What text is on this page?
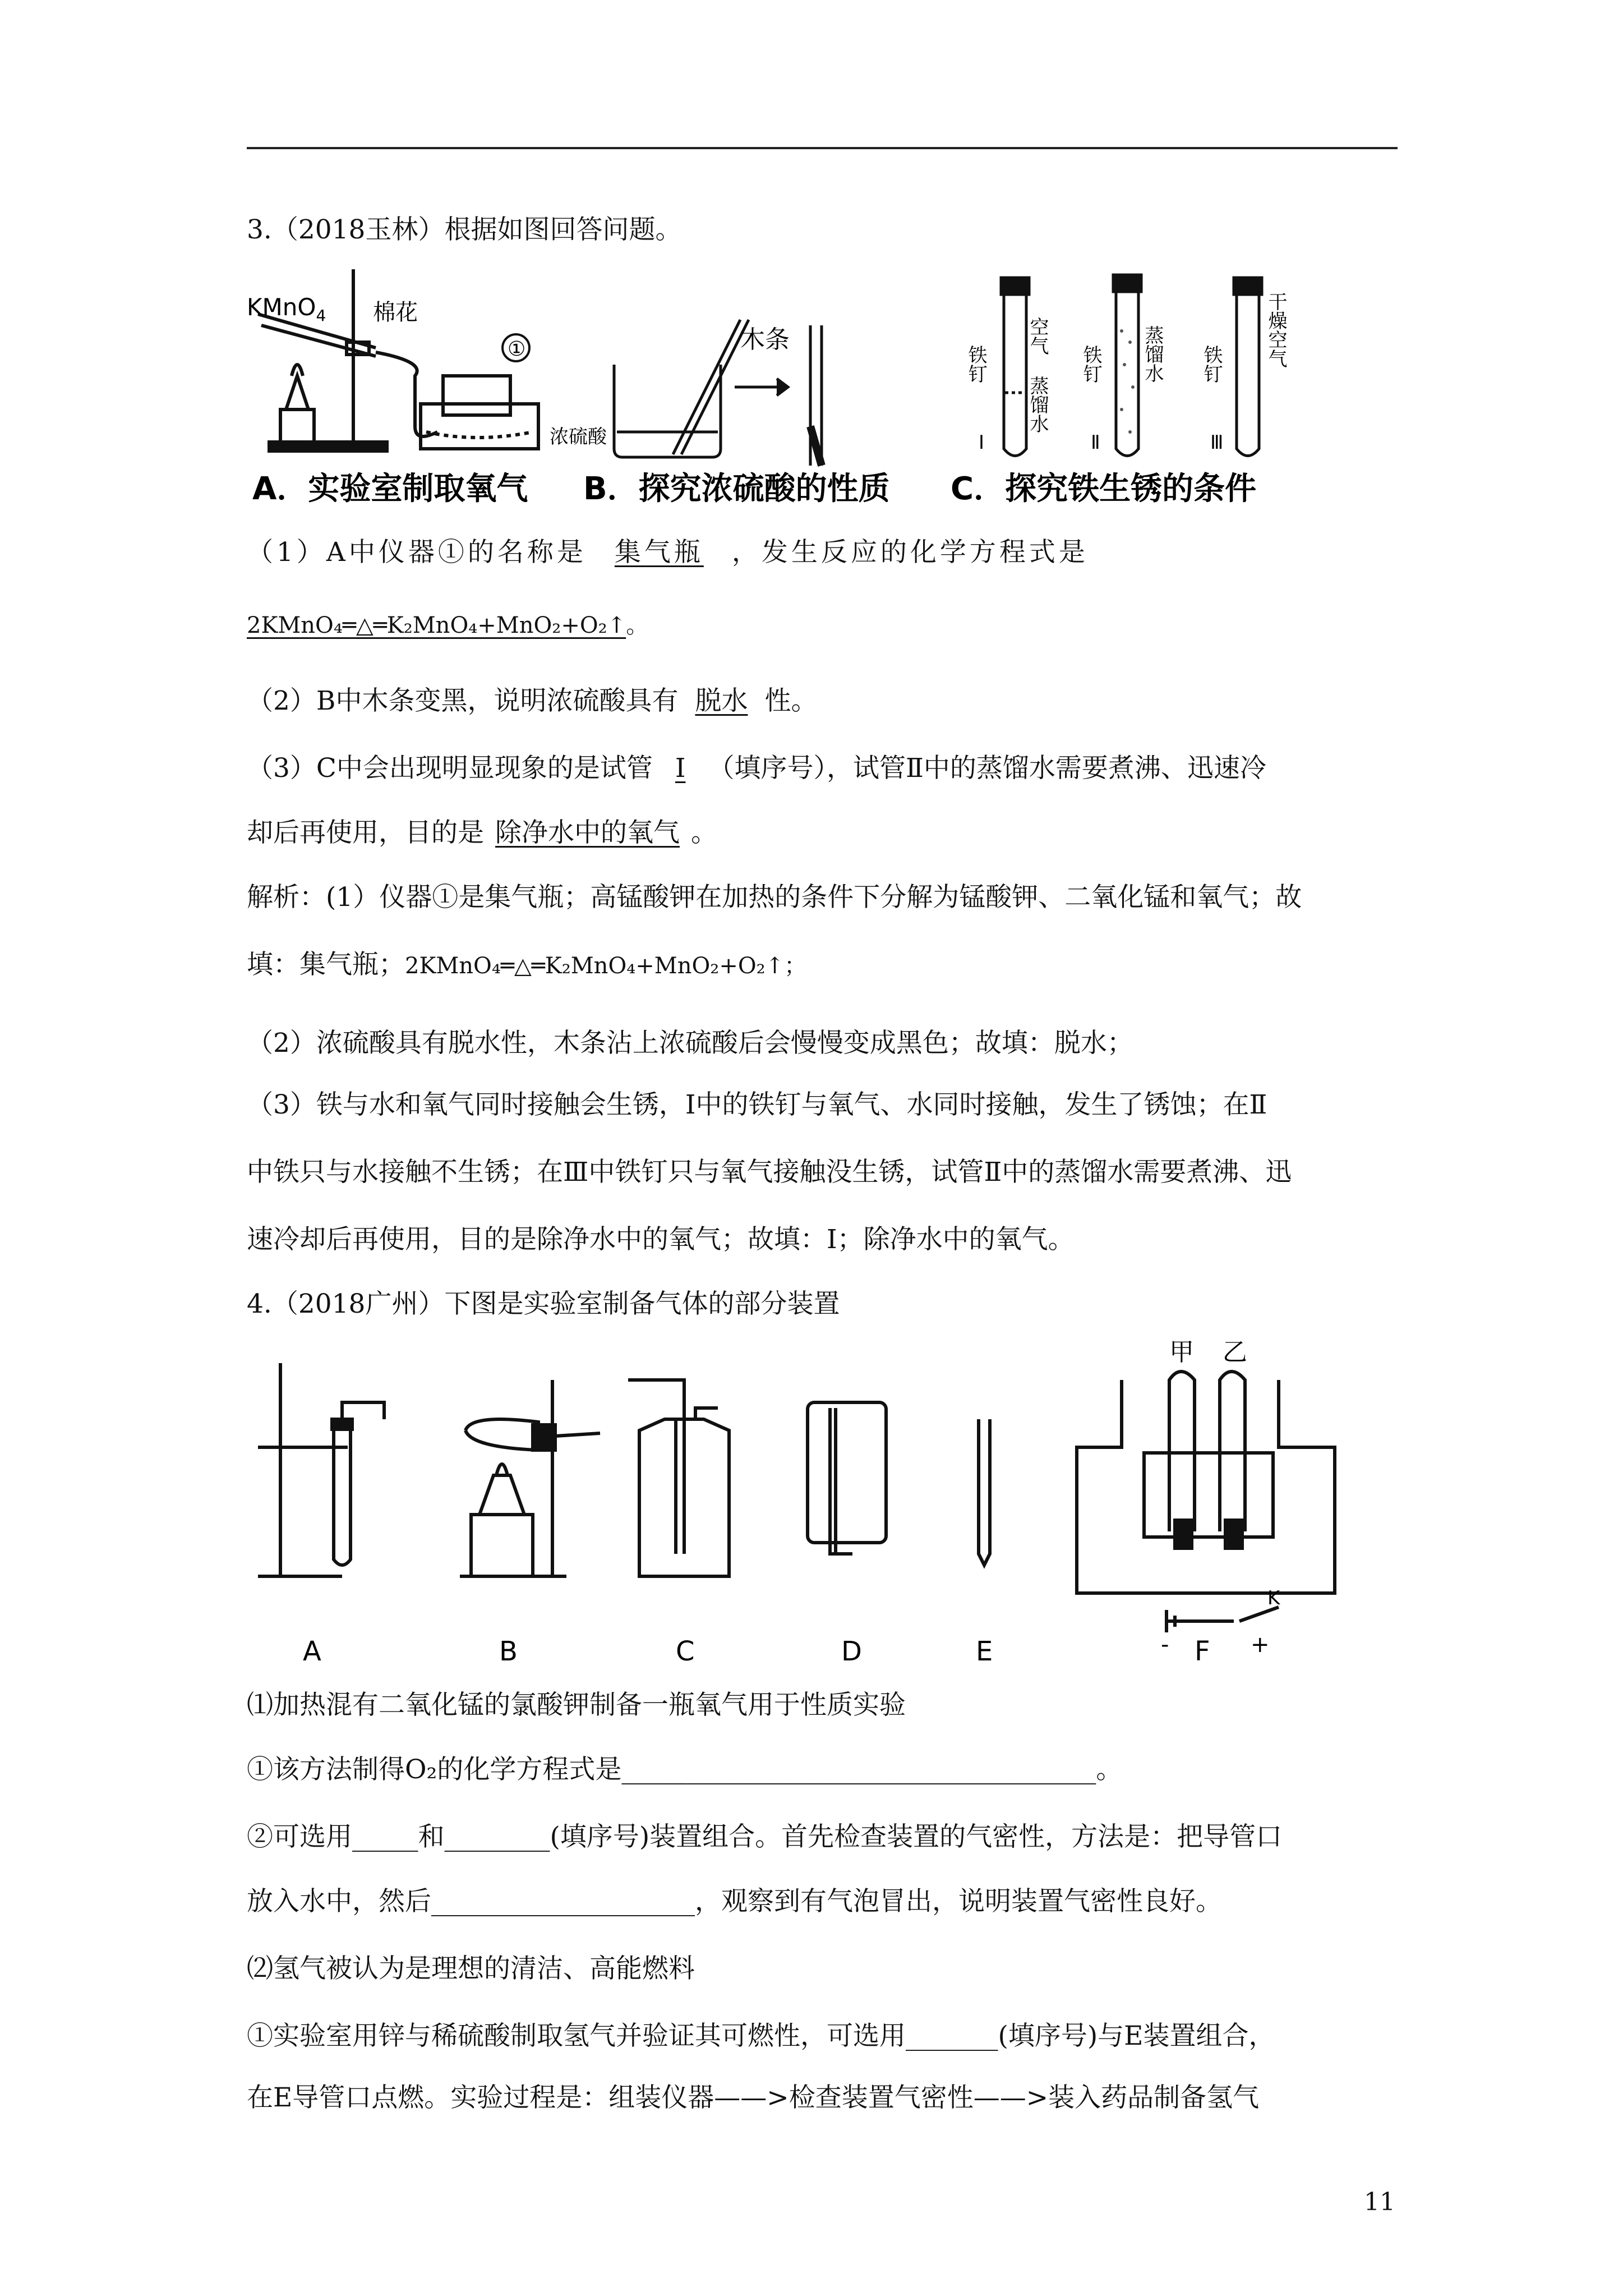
3.（2018玉林）根据如图回答问题。
KMnO$_4$ 棉花
①
A．实验室制取氧气
木条
浓硫酸
B．探究浓硫酸的性质
铁钉
空气
蒸馏水
铁钉 蒸馏水 铁钉 干燥空气
Ⅰ	Ⅱ	Ⅲ
C．探究铁生锈的条件
（1）A中仪器①的名称是 集气瓶 ，发生反应的化学方程式是
2KMnO₄═△═K₂MnO₄+MnO₂+O₂↑。
（2）B中木条变黑，说明浓硫酸具有 脱水 性。
（3）C中会出现明显现象的是试管 Ⅰ （填序号），试管Ⅱ中的蒸馏水需要煮沸、迅速冷
却后再使用，目的是 除净水中的氧气 。
解析：(1）仪器①是集气瓶；高锰酸钾在加热的条件下分解为锰酸钾、二氧化锰和氧气；故
填：集气瓶；2KMnO₄═△═K₂MnO₄+MnO₂+O₂↑；
（2）浓硫酸具有脱水性，木条沾上浓硫酸后会慢慢变成黑色；故填：脱水；
（3）铁与水和氧气同时接触会生锈，Ⅰ中的铁钉与氧气、水同时接触，发生了锈蚀；在Ⅱ
中铁只与水接触不生锈；在Ⅲ中铁钉只与氧气接触没生锈，试管Ⅱ中的蒸馏水需要煮沸、迅
速冷却后再使用，目的是除净水中的氧气；故填：Ⅰ；除净水中的氧气。
4.（2018广州）下图是实验室制备气体的部分装置
A	B	C	D	E	F
甲 乙
K
-	+
⑴加热混有二氧化锰的氯酸钾制备一瓶氧气用于性质实验
①该方法制得O₂的化学方程式是____________________________________。
②可选用_____和________(填序号)装置组合。首先检查装置的气密性，方法是：把导管口
放入水中，然后____________________，观察到有气泡冒出，说明装置气密性良好。
⑵氢气被认为是理想的清洁、高能燃料
①实验室用锌与稀硫酸制取氢气并验证其可燃性，可选用_______(填序号)与E装置组合，
在E导管口点燃。实验过程是：组装仪器——>检查装置气密性——>装入药品制备氢气
11
